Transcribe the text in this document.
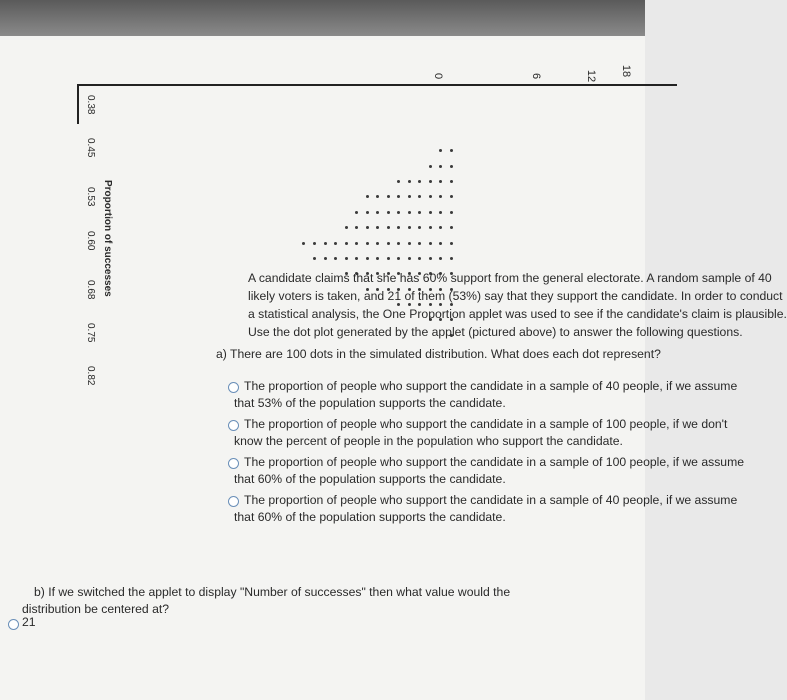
0	6	12 18
0.38
0.45
0.53
0.60
0.68
0.75
0.82
Proportion of successes	A candidate claims that she has 60% support from the general electorate. A random sample of 40
likely voters is taken, and 21 of them (53%) say that they support the candidate. In order to conduct
a statistical analysis, the One Proportion applet was used to see if the candidate's claim is plausible.
Use the dot plot generated by the applet (pictured above) to answer the following questions.
a) There are 100 dots in the simulated distribution. What does each dot represent?
The proportion of people who support the candidate in a sample of 40 people, if we assume
that 53% of the population supports the candidate.
The proportion of people who support the candidate in a sample of 100 people, if we don't
know the percent of people in the population who support the candidate.
The proportion of people who support the candidate in a sample of 100 people, if we assume
that 60% of the population supports the candidate.
The proportion of people who support the candidate in a sample of 40 people, if we assume
that 60% of the population supports the candidate.
b) If we switched the applet to display "Number of successes" then what value would the
distribution be centered at?
21
